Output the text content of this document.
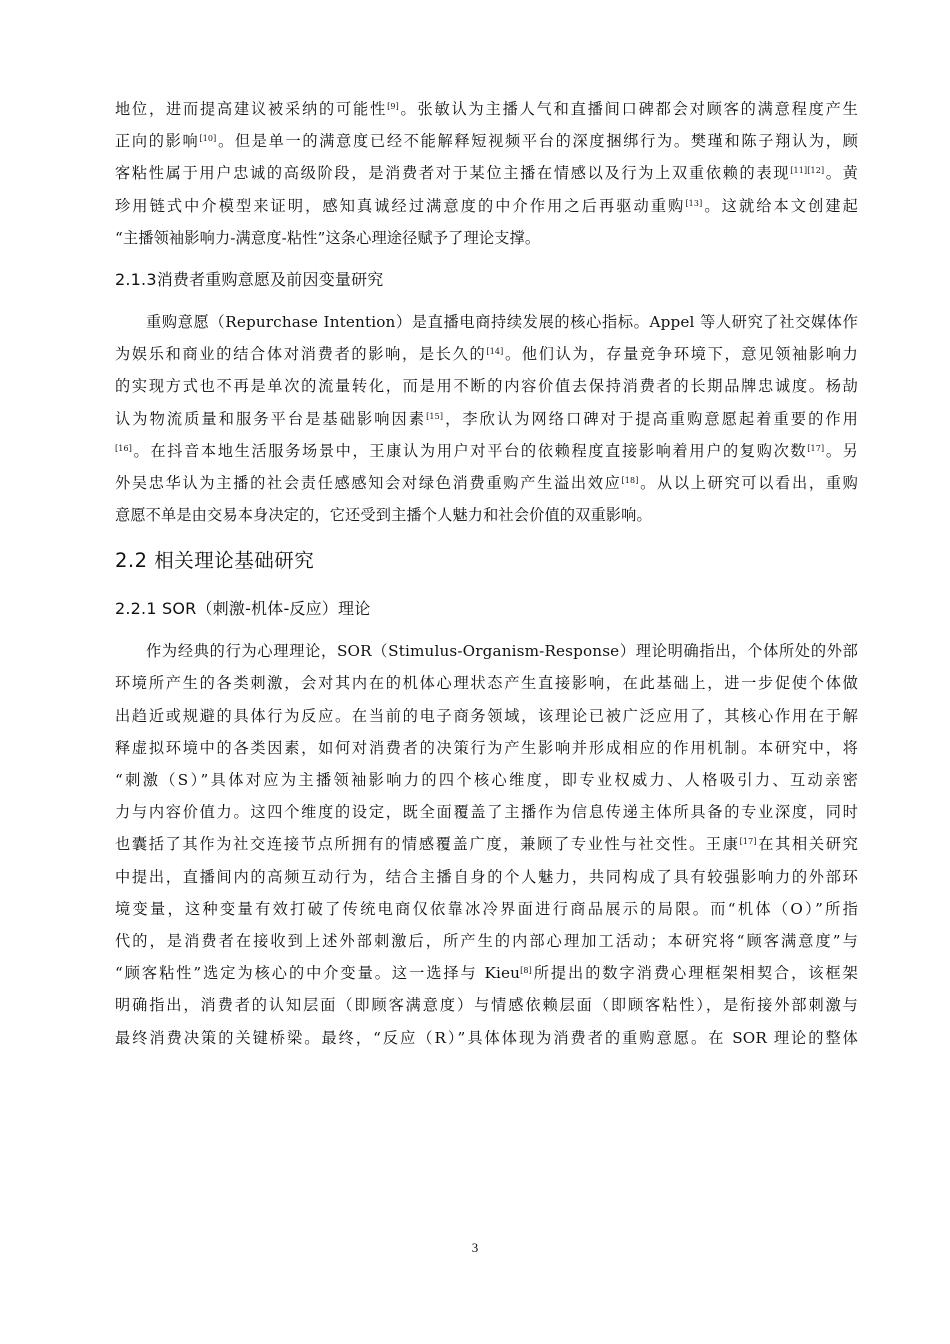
地位，进而提高建议被采纳的可能性[9]。张敏认为主播人气和直播间口碑都会对顾客的满意程度产生
正向的影响[10]。但是单一的满意度已经不能解释短视频平台的深度捆绑行为。樊瑾和陈子翔认为，顾
客粘性属于用户忠诚的高级阶段，是消费者对于某位主播在情感以及行为上双重依赖的表现[11][12]。黄
珍用链式中介模型来证明，感知真诚经过满意度的中介作用之后再驱动重购[13]。这就给本文创建起
“主播领袖影响力-满意度-粘性”这条心理途径赋予了理论支撑。
2.1.3消费者重购意愿及前因变量研究
重购意愿（Repurchase Intention）是直播电商持续发展的核心指标。Appel 等人研究了社交媒体作
为娱乐和商业的结合体对消费者的影响，是长久的[14]。他们认为，存量竞争环境下，意见领袖影响力
的实现方式也不再是单次的流量转化，而是用不断的内容价值去保持消费者的长期品牌忠诚度。杨劼
认为物流质量和服务平台是基础影响因素[15]，李欣认为网络口碑对于提高重购意愿起着重要的作用
[16]。在抖音本地生活服务场景中，王康认为用户对平台的依赖程度直接影响着用户的复购次数[17]。另
外吴忠华认为主播的社会责任感感知会对绿色消费重购产生溢出效应[18]。从以上研究可以看出，重购
意愿不单是由交易本身决定的，它还受到主播个人魅力和社会价值的双重影响。
2.2 相关理论基础研究
2.2.1 SOR（刺激-机体-反应）理论
作为经典的行为心理理论，SOR（Stimulus-Organism-Response）理论明确指出，个体所处的外部
环境所产生的各类刺激，会对其内在的机体心理状态产生直接影响，在此基础上，进一步促使个体做
出趋近或规避的具体行为反应。在当前的电子商务领域，该理论已被广泛应用了，其核心作用在于解
释虚拟环境中的各类因素，如何对消费者的决策行为产生影响并形成相应的作用机制。本研究中，将
“刺激（S）”具体对应为主播领袖影响力的四个核心维度，即专业权威力、人格吸引力、互动亲密
力与内容价值力。这四个维度的设定，既全面覆盖了主播作为信息传递主体所具备的专业深度，同时
也囊括了其作为社交连接节点所拥有的情感覆盖广度，兼顾了专业性与社交性。王康[17]在其相关研究
中提出，直播间内的高频互动行为，结合主播自身的个人魅力，共同构成了具有较强影响力的外部环
境变量，这种变量有效打破了传统电商仅依靠冰冷界面进行商品展示的局限。而“机体（O）”所指
代的，是消费者在接收到上述外部刺激后，所产生的内部心理加工活动；本研究将“顾客满意度”与
“顾客粘性”选定为核心的中介变量。这一选择与 Kieu[8]所提出的数字消费心理框架相契合，该框架
明确指出，消费者的认知层面（即顾客满意度）与情感依赖层面（即顾客粘性），是衔接外部刺激与
最终消费决策的关键桥梁。最终，“反应（R）”具体体现为消费者的重购意愿。在 SOR 理论的整体
3
